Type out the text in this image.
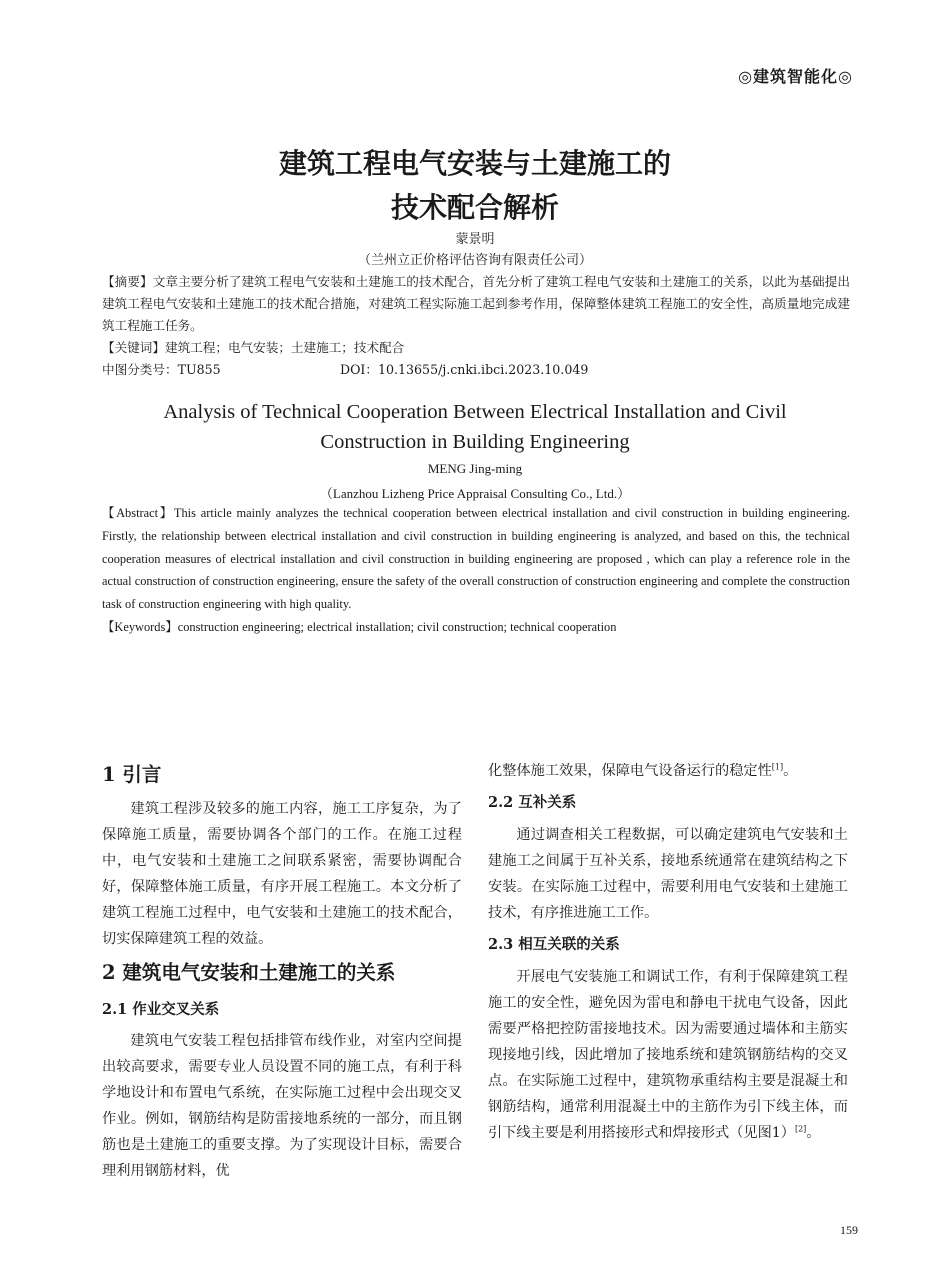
◎建筑智能化◎
建筑工程电气安装与土建施工的
技术配合解析
蒙景明
（兰州立正价格评估咨询有限责任公司）

【摘要】文章主要分析了建筑工程电气安装和土建施工的技术配合，首先分析了建筑工程电气安装和土建施工的关系，以此为基础提出建筑工程电气安装和土建施工的技术配合措施，对建筑工程实际施工起到参考作用，保障整体建筑工程施工的安全性，高质量地完成建筑工程施工任务。

【关键词】建筑工程；电气安装；土建施工；技术配合

中图分类号：TU855	DOI：10.13655/j.cnki.ibci.2023.10.049
Analysis of Technical Cooperation Between Electrical Installation and Civil
Construction in Building Engineering
MENG Jing-ming
（Lanzhou Lizheng Price Appraisal Consulting Co., Ltd.）

【Abstract】This article mainly analyzes the technical cooperation between electrical installation and civil construction in building engineering. Firstly, the relationship between electrical installation and civil construction in building engineering is analyzed, and based on this, the technical cooperation measures of electrical installation and civil construction in building engineering are proposed , which can play a reference role in the actual construction of construction engineering, ensure the safety of the overall construction of construction engineering and complete the construction task of construction engineering with high quality.

【Keywords】construction engineering; electrical installation; civil construction; technical cooperation

1 引言

建筑工程涉及较多的施工内容，施工工序复杂，为了保障施工质量，需要协调各个部门的工作。在施工过程中，电气安装和土建施工之间联系紧密，需要协调配合好，保障整体施工质量，有序开展工程施工。本文分析了建筑工程施工过程中，电气安装和土建施工的技术配合，切实保障建筑工程的效益。

2 建筑电气安装和土建施工的关系
2.1 作业交叉关系

建筑电气安装工程包括排管布线作业，对室内空间提出较高要求，需要专业人员设置不同的施工点，有利于科学地设计和布置电气系统，在实际施工过程中会出现交叉作业。例如，钢筋结构是防雷接地系统的一部分，而且钢筋也是土建施工的重要支撑。为了实现设计目标，需要合理利用钢筋材料，优

化整体施工效果，保障电气设备运行的稳定性[1]。

2.2 互补关系

通过调查相关工程数据，可以确定建筑电气安装和土建施工之间属于互补关系，接地系统通常在建筑结构之下安装。在实际施工过程中，需要利用电气安装和土建施工技术，有序推进施工工作。

2.3 相互关联的关系

开展电气安装施工和调试工作，有利于保障建筑工程施工的安全性，避免因为雷电和静电干扰电气设备，因此需要严格把控防雷接地技术。因为需要通过墙体和主筋实现接地引线，因此增加了接地系统和建筑钢筋结构的交叉点。在实际施工过程中，建筑物承重结构主要是混凝土和钢筋结构，通常利用混凝土中的主筋作为引下线主体，而引下线主要是利用搭接形式和焊接形式（见图1）[2]。

159
